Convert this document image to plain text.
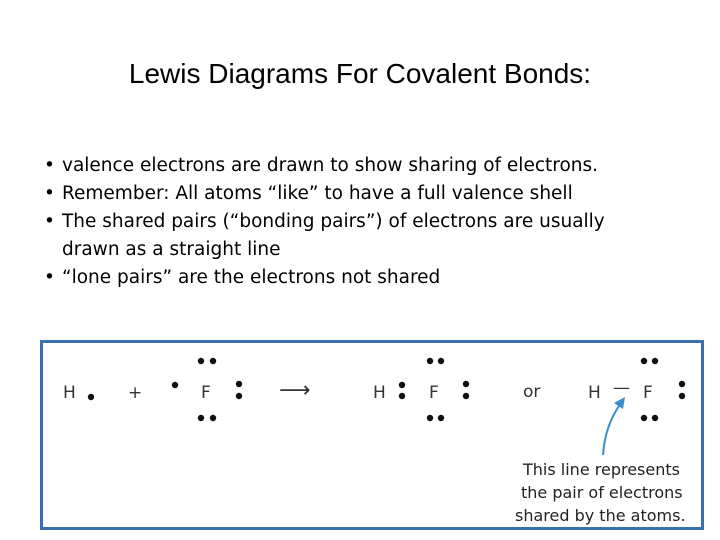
Lewis Diagrams For Covalent Bonds:
• valence electrons are drawn to show sharing of electrons.
• Remember: All atoms “like” to have a full valence shell
• The shared pairs (“bonding pairs”) of electrons are usually
drawn as a straight line
• “lone pairs” are the electrons not shared
H	+	F	⟶	H	F	or	H — F
This line represents
the pair of electrons
shared by the atoms.
